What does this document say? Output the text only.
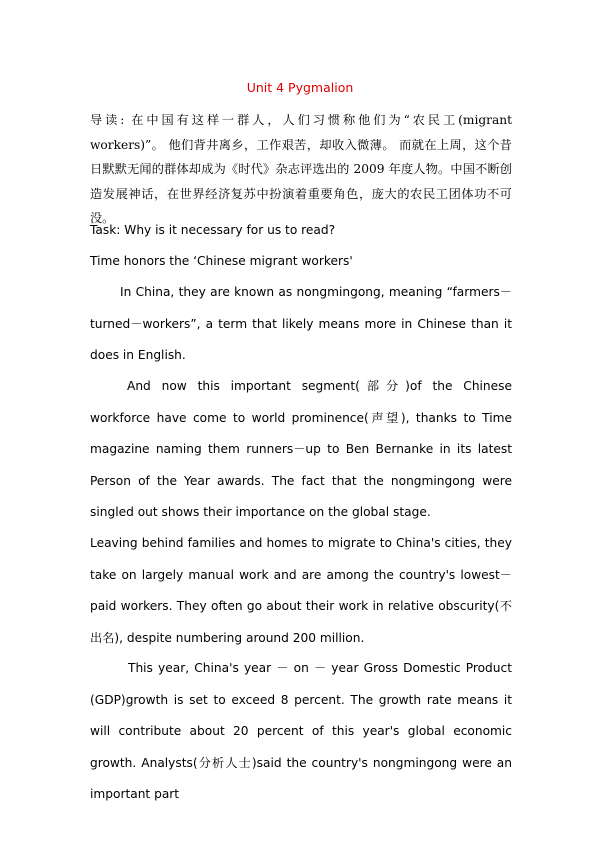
Unit 4 Pygmalion
导读: 在中国有这样一群人，人们习惯称他们为“农民工(migrant workers)”。 他们背井离乡，工作艰苦，却收入微薄。 而就在上周，这个昔日默默无闻的群体却成为《时代》杂志评选出的 2009 年度人物。中国不断创造发展神话，在世界经济复苏中扮演着重要角色，庞大的农民工团体功不可没。
Task: Why is it necessary for us to read?
Time honors the ‘Chinese migrant workers'
In China, they are known as nongmingong, meaning “farmers－turned－workers”, a term that likely means more in Chinese than it does in English.
And now this important segment(部分)of the Chinese workforce have come to world prominence(声望), thanks to Time magazine naming them runners－up to Ben Bernanke in its latest Person of the Year awards. The fact that the nongmingong were singled out shows their importance on the global stage.
Leaving behind families and homes to migrate to China's cities, they take on largely manual work and are among the country's lowest－paid workers. They often go about their work in relative obscurity(不出名), despite numbering around 200 million.
This year, China's year － on － year Gross Domestic Product (GDP)growth is set to exceed 8 percent. The growth rate means it will contribute about 20 percent of this year's global economic growth. Analysts(分析人士)said the country's nongmingong were an important part
